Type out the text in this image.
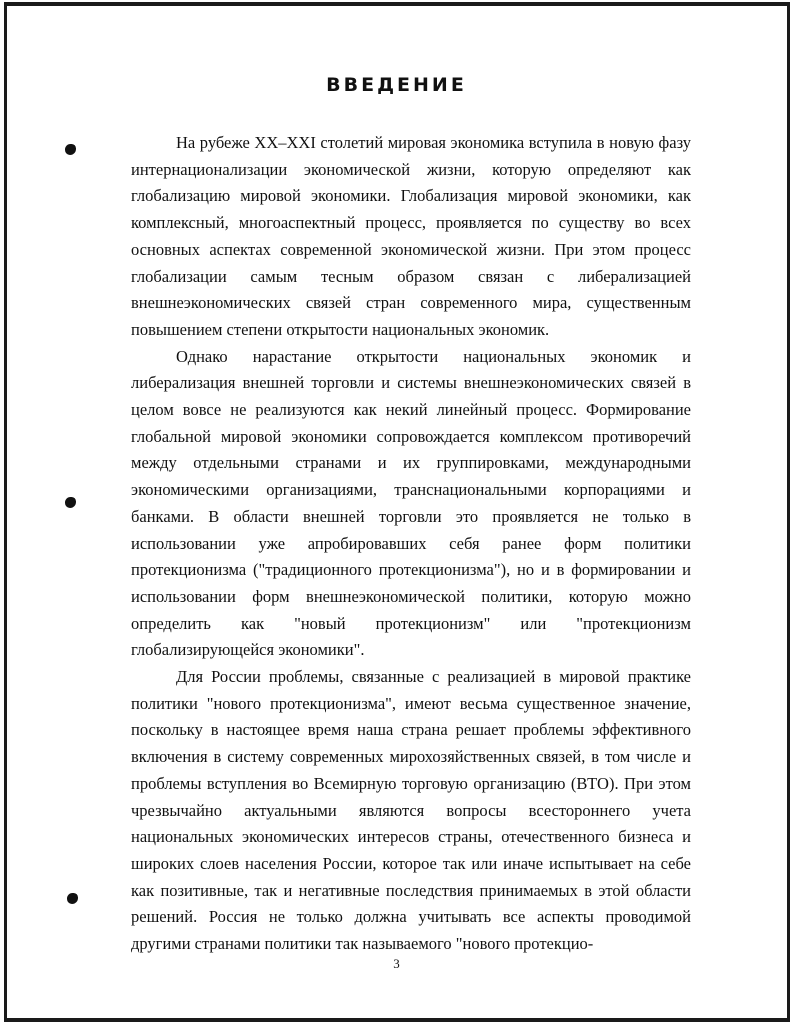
ВВЕДЕНИЕ

На рубеже XX–XXI столетий мировая экономика вступила в новую фазу интернационализации экономической жизни, которую определяют как глобализацию мировой экономики. Глобализация мировой экономики, как комплексный, многоаспектный процесс, проявляется по существу во всех основных аспектах современной экономической жизни. При этом процесс глобализации самым тесным образом связан с либерализацией внешнеэкономических связей стран современного мира, существенным повышением степени открытости национальных экономик.

Однако нарастание открытости национальных экономик и либерализация внешней торговли и системы внешнеэкономических связей в целом вовсе не реализуются как некий линейный процесс. Формирование глобальной мировой экономики сопровождается комплексом противоречий между отдельными странами и их группировками, международными экономическими организациями, транснациональными корпорациями и банками. В области внешней торговли это проявляется не только в использовании уже апробировавших себя ранее форм политики протекционизма ("традиционного протекционизма"), но и в формировании и использовании форм внешнеэкономической политики, которую можно определить как "новый протекционизм" или "протекционизм глобализирующейся экономики".

Для России проблемы, связанные с реализацией в мировой практике политики "нового протекционизма", имеют весьма существенное значение, поскольку в настоящее время наша страна решает проблемы эффективного включения в систему современных мирохозяйственных связей, в том числе и проблемы вступления во Всемирную торговую организацию (ВТО). При этом чрезвычайно актуальными являются вопросы всестороннего учета национальных экономических интересов страны, отечественного бизнеса и широких слоев населения России, которое так или иначе испытывает на себе как позитивные, так и негативные последствия принимаемых в этой области решений. Россия не только должна учитывать все аспекты проводимой другими странами политики так называемого "нового протекцио-

3
